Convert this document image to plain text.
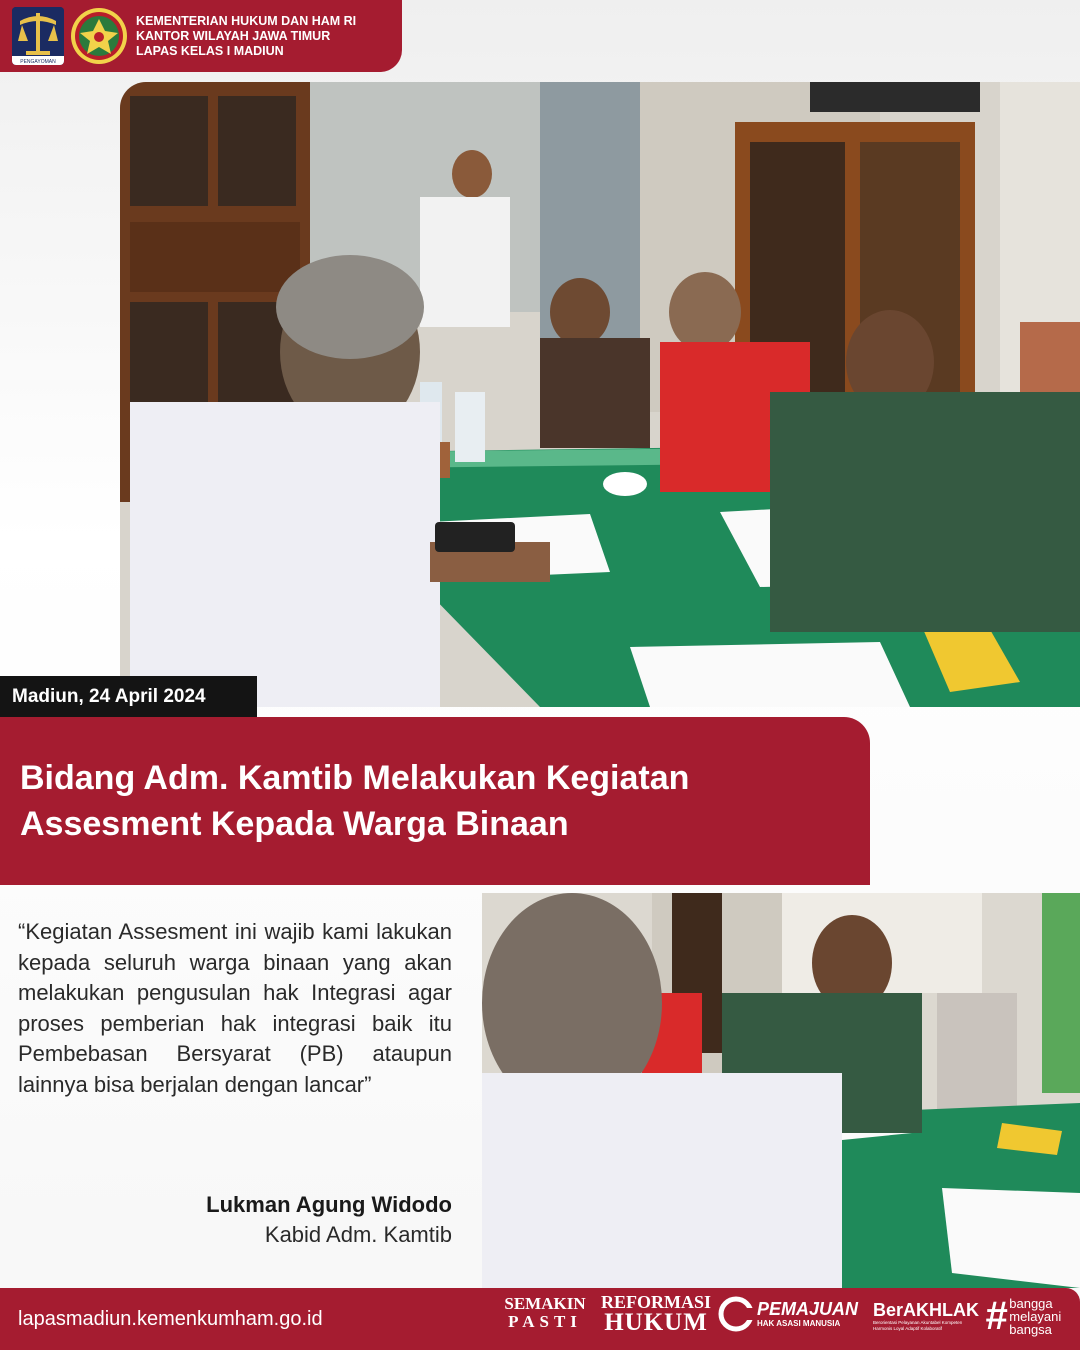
PENGAYOMAN
KEMENTERIAN HUKUM DAN HAM RI
KANTOR WILAYAH JAWA TIMUR
LAPAS KELAS I MADIUN
Madiun, 24 April 2024
Bidang Adm. Kamtib Melakukan Kegiatan
Assesment Kepada Warga Binaan

“Kegiatan Assesment ini wajib kami lakukan kepada seluruh warga binaan yang akan melakukan pengusulan hak Integrasi agar proses pemberian hak integrasi baik itu Pembebasan Bersyarat (PB) ataupun lainnya bisa berjalan dengan lancar”

Lukman Agung Widodo
Kabid Adm. Kamtib
lapasmadiun.kemenkumham.go.id
SEMAKIN
PASTI
REFORMASI
HUKUM	PEMAJUAN
HAK ASASI MANUSIA
BerAKHLAK
Berorientasi Pelayanan Akuntabel Kompeten Harmonis Loyal Adaptif Kolaboratif	# bangga
melayani
bangsa
